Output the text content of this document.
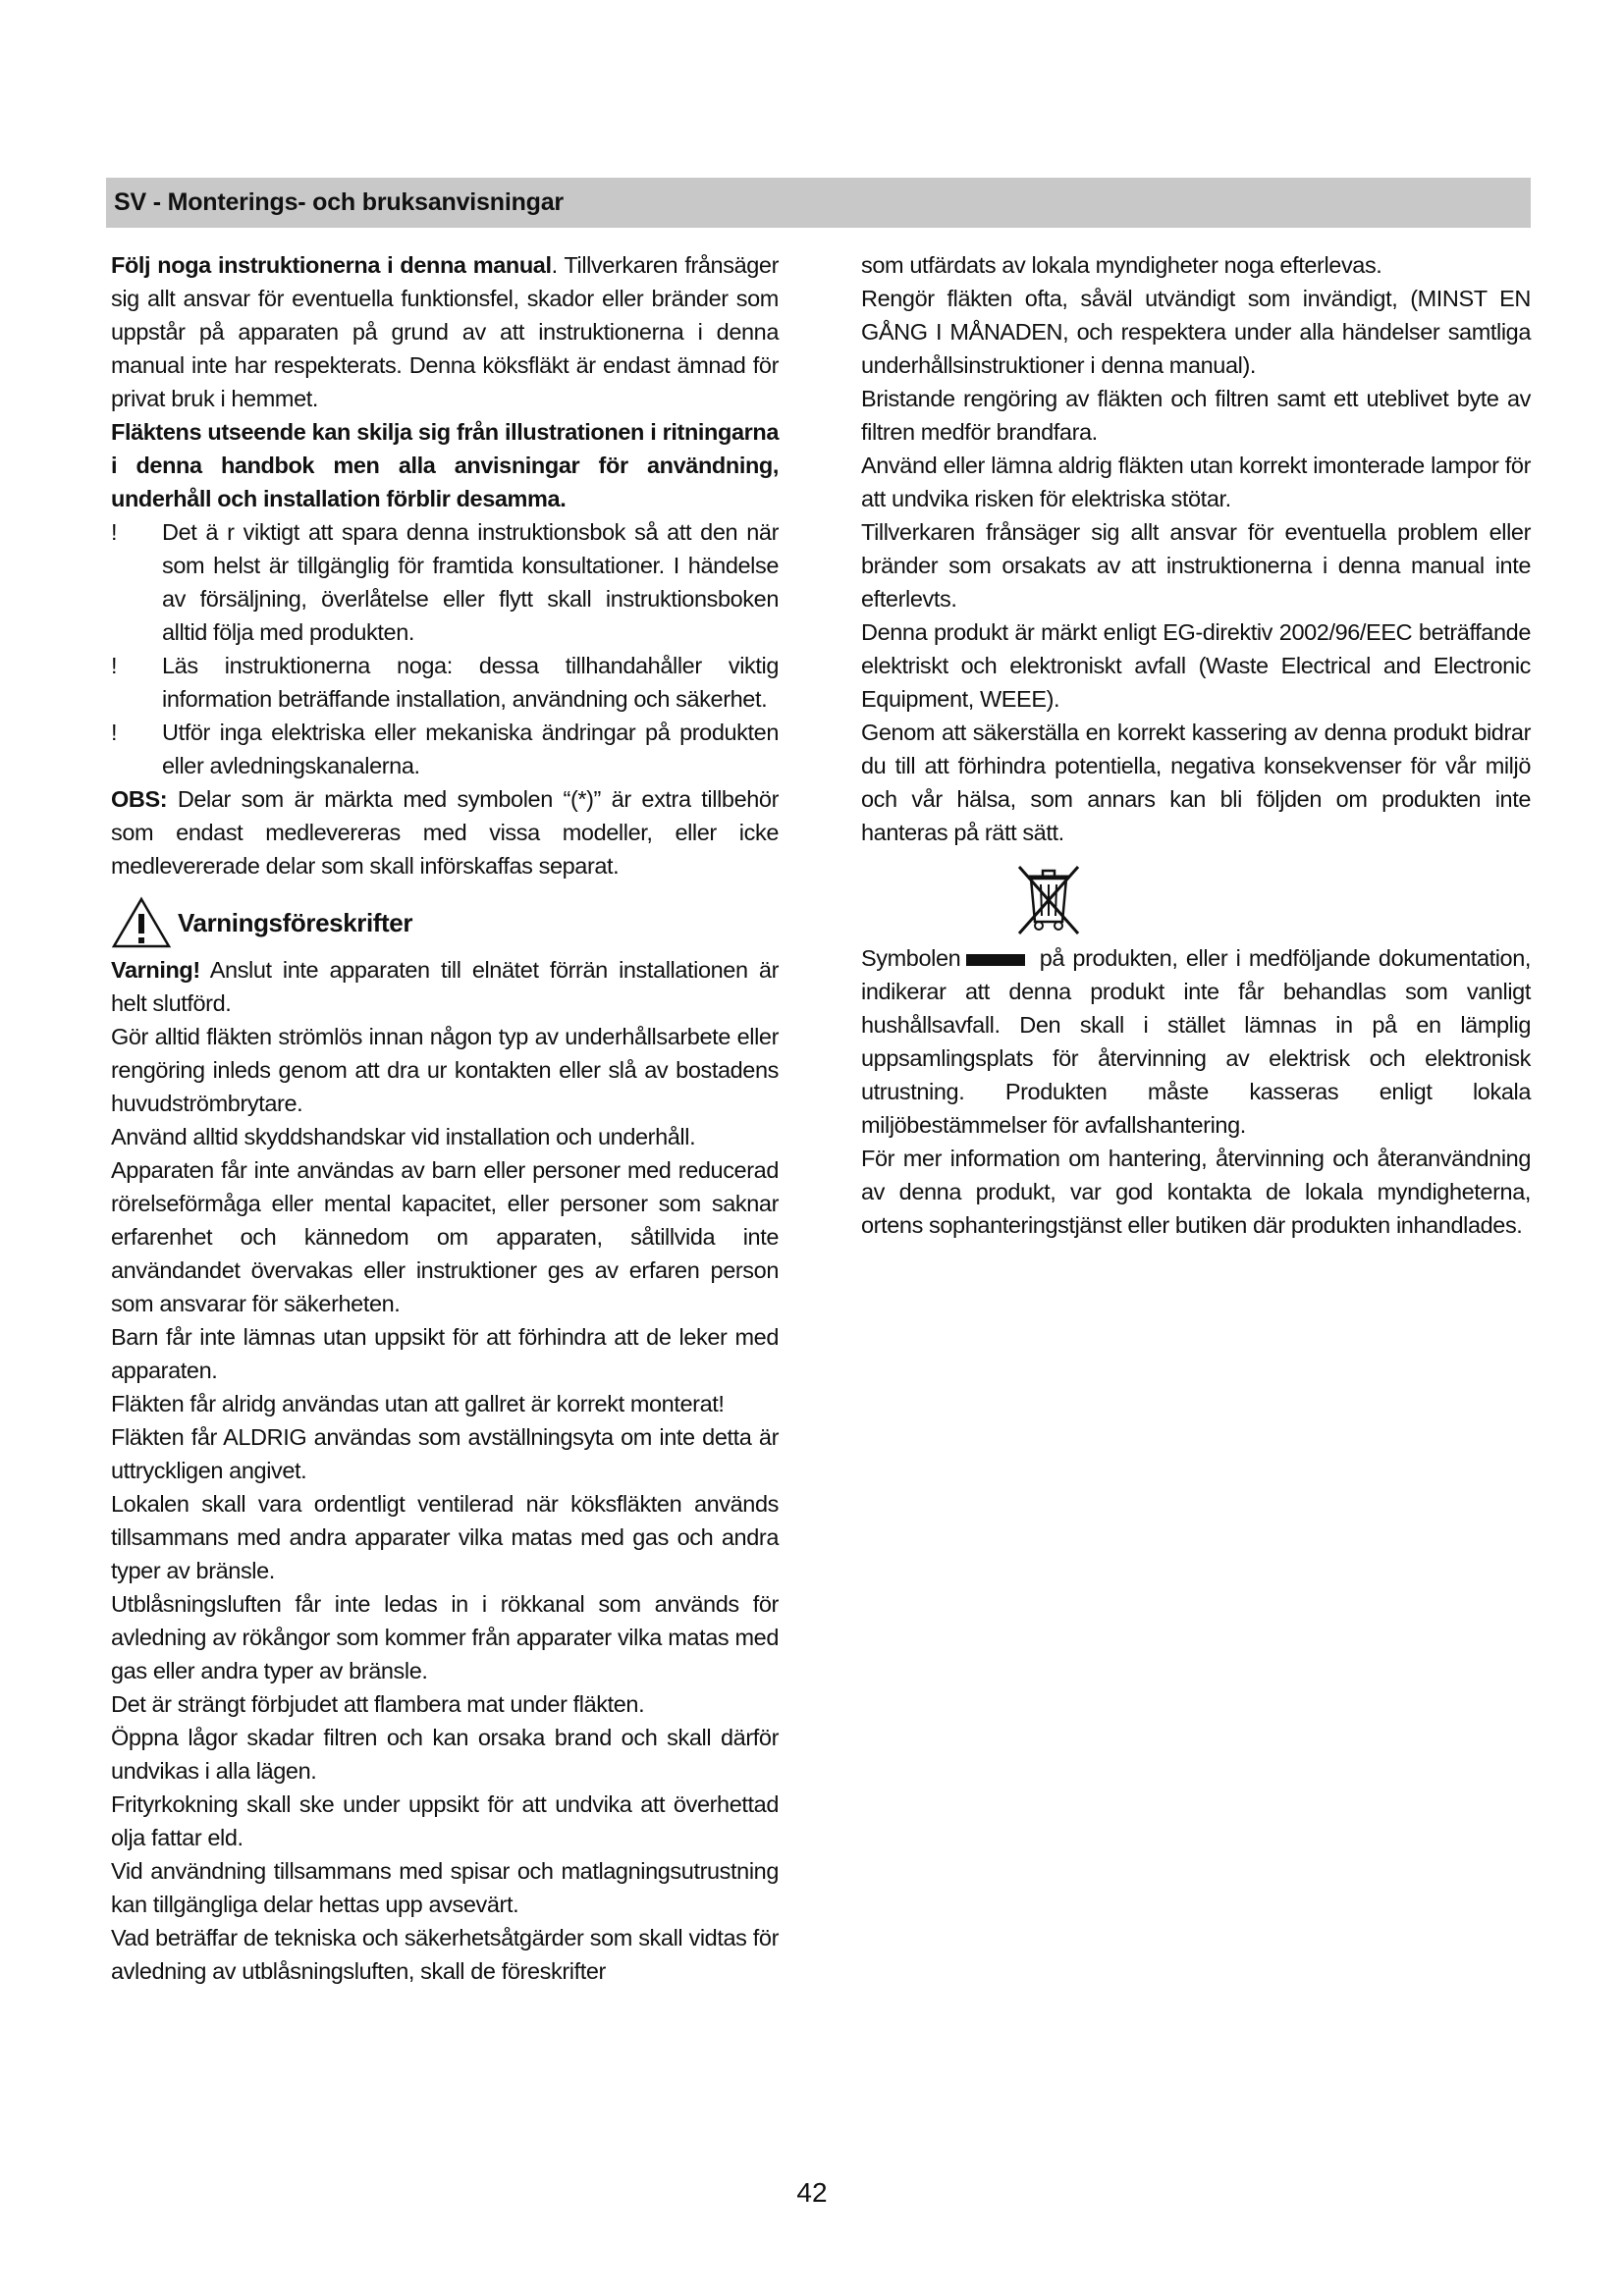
SV - Monterings- och bruksanvisningar

Följ noga instruktionerna i denna manual. Tillverkaren frånsäger sig allt ansvar för eventuella funktionsfel, skador eller bränder som uppstår på apparaten på grund av att instruktionerna i denna manual inte har respekterats. Denna köksfläkt är endast ämnad för privat bruk i hemmet.

Fläktens utseende kan skilja sig från illustrationen i ritningarna i denna handbok men alla anvisningar för användning, underhåll och installation förblir desamma.

! Det ä r viktigt att spara denna instruktionsbok så att den när som helst är tillgänglig för framtida konsultationer. I händelse av försäljning, överlåtelse eller flytt skall instruktionsboken alltid följa med produkten.

! Läs instruktionerna noga: dessa tillhandahåller viktig information beträffande installation, användning och säkerhet.

! Utför inga elektriska eller mekaniska ändringar på produkten eller avledningskanalerna.

OBS: Delar som är märkta med symbolen “(*)” är extra tillbehör som endast medlevereras med vissa modeller, eller icke medlevererade delar som skall införskaffas separat.

Varningsföreskrifter

Varning! Anslut inte apparaten till elnätet förrän installationen är helt slutförd.

Gör alltid fläkten strömlös innan någon typ av underhållsarbete eller rengöring inleds genom att dra ur kontakten eller slå av bostadens huvudströmbrytare.

Använd alltid skyddshandskar vid installation och underhåll.

Apparaten får inte användas av barn eller personer med reducerad rörelseförmåga eller mental kapacitet, eller personer som saknar erfarenhet och kännedom om apparaten, såtillvida inte användandet övervakas eller instruktioner ges av erfaren person som ansvarar för säkerheten.

Barn får inte lämnas utan uppsikt för att förhindra att de leker med apparaten.

Fläkten får alridg användas utan att gallret är korrekt monterat!

Fläkten får ALDRIG användas som avställningsyta om inte detta är uttryckligen angivet.

Lokalen skall vara ordentligt ventilerad när köksfläkten används tillsammans med andra apparater vilka matas med gas och andra typer av bränsle.

Utblåsningsluften får inte ledas in i rökkanal som används för avledning av rökångor som kommer från apparater vilka matas med gas eller andra typer av bränsle.

Det är strängt förbjudet att flambera mat under fläkten.

Öppna lågor skadar filtren och kan orsaka brand och skall därför undvikas i alla lägen.

Frityrkokning skall ske under uppsikt för att undvika att överhettad olja fattar eld.

Vid användning tillsammans med spisar och matlagningsutrustning kan tillgängliga delar hettas upp avsevärt.

Vad beträffar de tekniska och säkerhetsåtgärder som skall vidtas för avledning av utblåsningsluften, skall de föreskrifter

som utfärdats av lokala myndigheter noga efterlevas.

Rengör fläkten ofta, såväl utvändigt som invändigt, (MINST EN GÅNG I MÅNADEN, och respektera under alla händelser samtliga underhållsinstruktioner i denna manual).

Bristande rengöring av fläkten och filtren samt ett uteblivet byte av filtren medför brandfara.

Använd eller lämna aldrig fläkten utan korrekt imonterade lampor för att undvika risken för elektriska stötar.

Tillverkaren frånsäger sig allt ansvar för eventuella problem eller bränder som orsakats av att instruktionerna i denna manual inte efterlevts.

Denna produkt är märkt enligt EG-direktiv 2002/96/EEC beträffande elektriskt och elektroniskt avfall (Waste Electrical and Electronic Equipment, WEEE).

Genom att säkerställa en korrekt kassering av denna produkt bidrar du till att förhindra potentiella, negativa konsekvenser för vår miljö och vår hälsa, som annars kan bli följden om produkten inte hanteras på rätt sätt.

Symbolen	på produkten, eller i medföljande dokumentation, indikerar att denna produkt inte får behandlas som vanligt hushållsavfall. Den skall i stället lämnas in på en lämplig uppsamlingsplats för återvinning av elektrisk och elektronisk utrustning. Produkten måste kasseras enligt lokala miljöbestämmelser för avfallshantering.

För mer information om hantering, återvinning och återanvändning av denna produkt, var god kontakta de lokala myndigheterna, ortens sophanteringstjänst eller butiken där produkten inhandlades.

42
